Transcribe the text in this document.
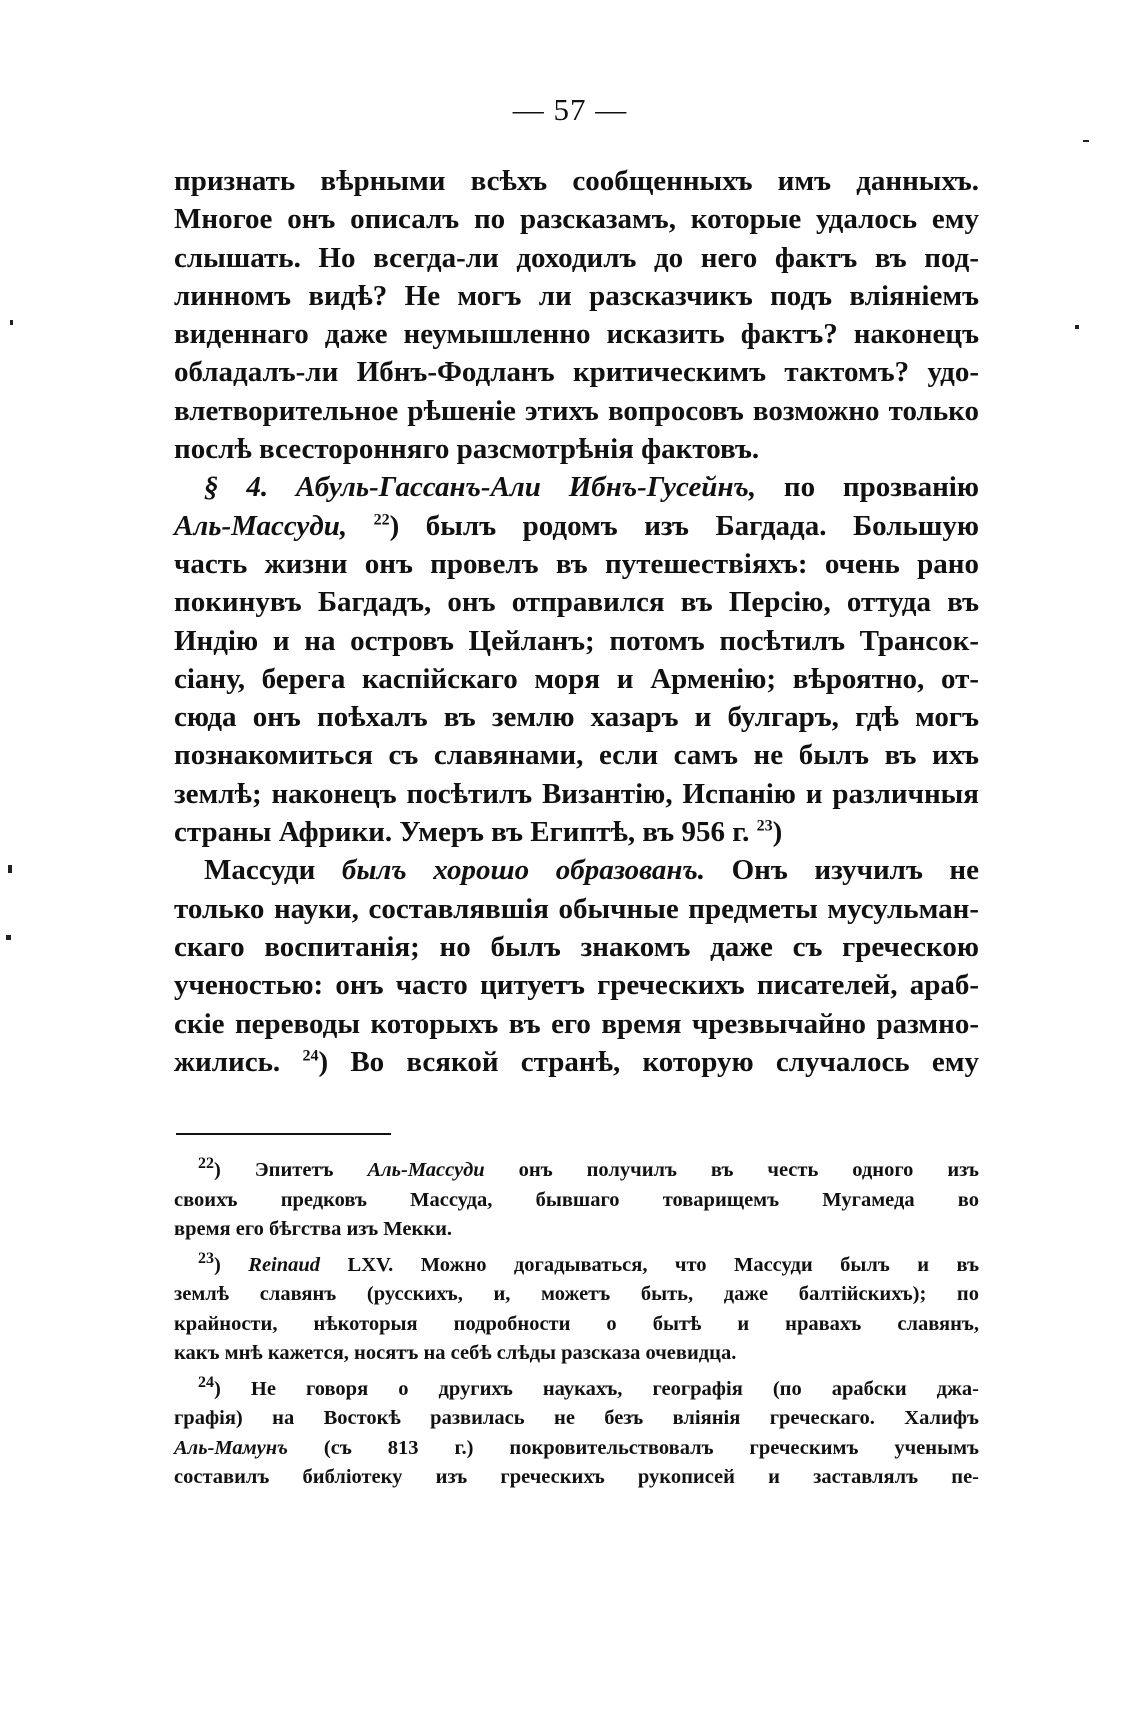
— 57 —
признать вѣрными всѣхъ сообщенныхъ имъ данныхъ.
Многое онъ описалъ по разсказамъ, которые удалось ему
слышать. Но всегда-ли доходилъ до него фактъ въ под-
линномъ видѣ? Не могъ ли разсказчикъ подъ вліяніемъ
виденнаго даже неумышленно исказить фактъ? наконецъ
обладалъ-ли Ибнъ-Фодланъ критическимъ тактомъ? удо-
влетворительное рѣшеніе этихъ вопросовъ возможно только
послѣ всесторонняго разсмотрѣнія фактовъ.
§ 4. Абуль-Гассанъ-Али Ибнъ-Гусейнъ, по прозванію
Аль-Массуди, $^{22}$) былъ родомъ изъ Багдада. Большую
часть жизни онъ провелъ въ путешествіяхъ: очень рано
покинувъ Багдадъ, онъ отправился въ Персію, оттуда въ
Индію и на островъ Цейланъ; потомъ посѣтилъ Трансок-
сіану, берега каспійскаго моря и Арменію; вѣроятно, от-
сюда онъ поѣхалъ въ землю хазаръ и булгаръ, гдѣ могъ
познакомиться съ славянами, если самъ не былъ въ ихъ
землѣ; наконецъ посѣтилъ Византію, Испанію и различныя
страны Африки. Умеръ въ Египтѣ, въ 956 г. $^{23}$)
Массуди былъ хорошо образованъ. Онъ изучилъ не
только науки, составлявшія обычные предметы мусульман-
скаго воспитанія; но былъ знакомъ даже съ греческою
ученостью: онъ часто цитуетъ греческихъ писателей, араб-
скіе переводы которыхъ въ его время чрезвычайно размно-
жились. $^{24}$) Во всякой странѣ, которую случалось ему
$^{22}$) Эпитетъ Аль-Массуди онъ получилъ въ честь одного изъ
своихъ предковъ Массуда, бывшаго товарищемъ Мугамеда во
время его бѣгства изъ Мекки.
$^{23}$) Reinaud LXV. Можно догадываться, что Массуди былъ и въ
землѣ славянъ (русскихъ, и, можетъ быть, даже балтійскихъ); по
крайности, нѣкоторыя подробности о бытѣ и нравахъ славянъ,
какъ мнѣ кажется, носятъ на себѣ слѣды разсказа очевидца.
$^{24}$) Не говоря о другихъ наукахъ, географія (по арабски джа-
графія) на Востокѣ развилась не безъ вліянія греческаго. Халифъ
Аль-Мамунъ (съ 813 г.) покровительствовалъ греческимъ ученымъ
составилъ библіотеку изъ греческихъ рукописей и заставлялъ пе-
